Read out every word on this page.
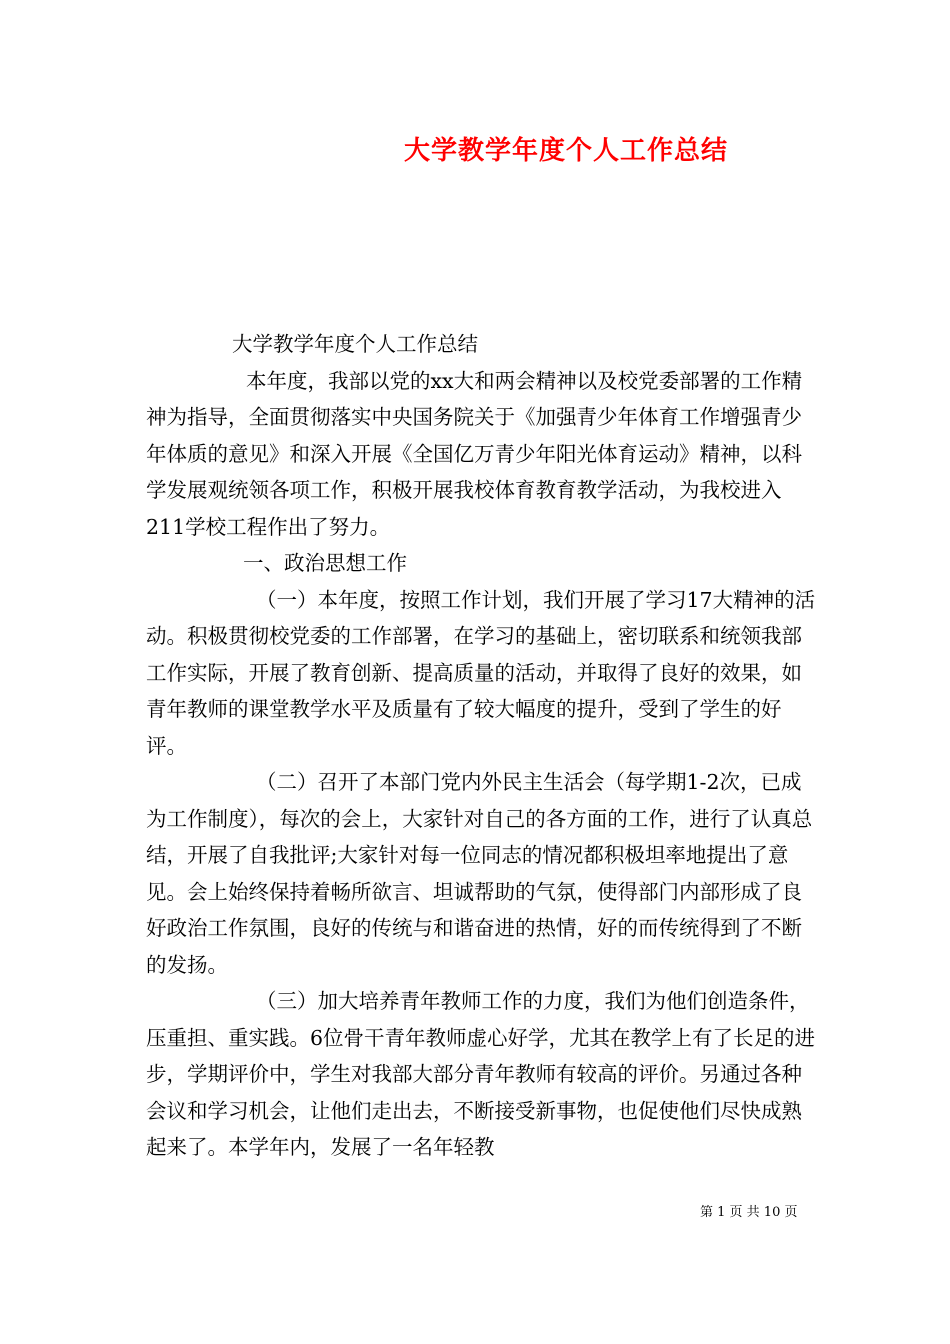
大学教学年度个人工作总结

大学教学年度个人工作总结

本年度，我部以党的xx大和两会精神以及校党委部署的工作精神为指导，全面贯彻落实中央国务院关于《加强青少年体育工作增强青少年体质的意见》和深入开展《全国亿万青少年阳光体育运动》精神，以科学发展观统领各项工作，积极开展我校体育教育教学活动，为我校进入211学校工程作出了努力。

一、政治思想工作

（一）本年度，按照工作计划，我们开展了学习17大精神的活动。积极贯彻校党委的工作部署，在学习的基础上，密切联系和统领我部工作实际，开展了教育创新、提高质量的活动，并取得了良好的效果，如青年教师的课堂教学水平及质量有了较大幅度的提升，受到了学生的好评。

（二）召开了本部门党内外民主生活会（每学期1-2次，已成为工作制度），每次的会上，大家针对自己的各方面的工作，进行了认真总结，开展了自我批评;大家针对每一位同志的情况都积极坦率地提出了意见。会上始终保持着畅所欲言、坦诚帮助的气氛，使得部门内部形成了良好政治工作氛围，良好的传统与和谐奋进的热情，好的而传统得到了不断的发扬。

（三）加大培养青年教师工作的力度，我们为他们创造条件，压重担、重实践。6位骨干青年教师虚心好学，尤其在教学上有了长足的进步，学期评价中，学生对我部大部分青年教师有较高的评价。另通过各种会议和学习机会，让他们走出去，不断接受新事物，也促使他们尽快成熟起来了。本学年内，发展了一名年轻教

第 1 页 共 10 页
